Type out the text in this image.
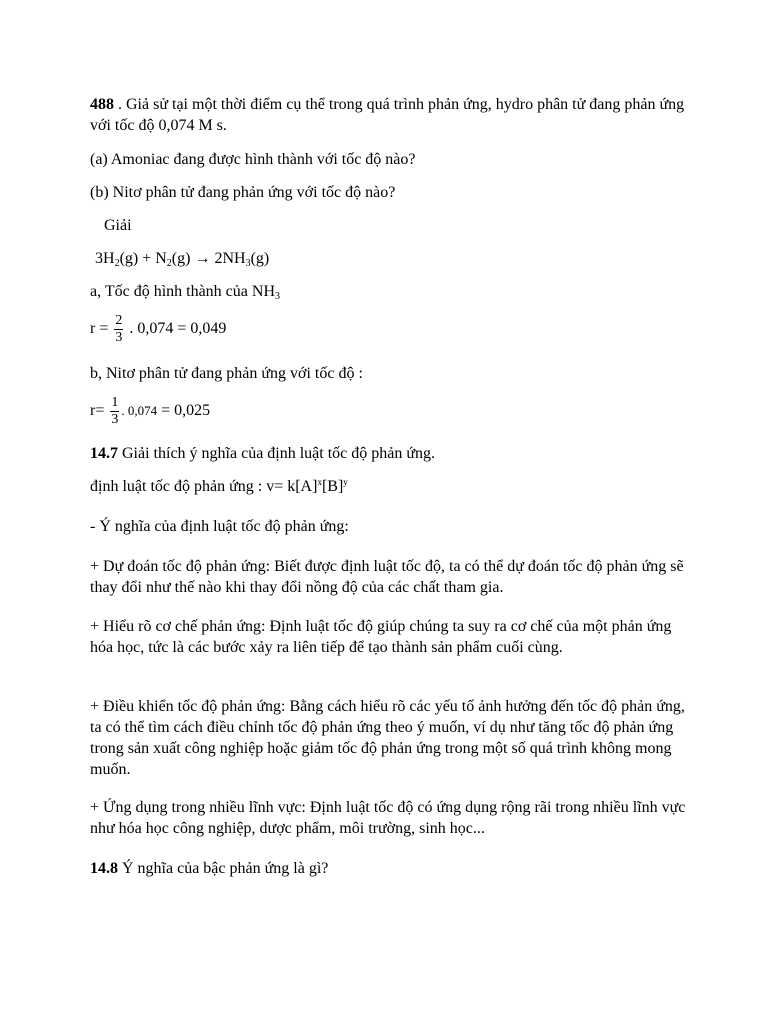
488 . Giả sử tại một thời điểm cụ thể trong quá trình phản ứng, hydro phân tử đang phản ứng với tốc độ 0,074 M s.

(a) Amoniac đang được hình thành với tốc độ nào?

(b) Nitơ phân tử đang phản ứng với tốc độ nào?

Giải

$3H_2(g) + N_2(g) \to 2NH_3(g)$

a, Tốc độ hình thành của $NH_3$

$r = \frac{2}{3}$ . 0,074 = 0,049

b, Nitơ phân tử đang phản ứng với tốc độ :

$r= \frac{1}{3}$ . 0,074 = 0,025

14.7 Giải thích ý nghĩa của định luật tốc độ phản ứng.

định luật tốc độ phản ứng : $v= k[A]^x[B]^y$

- Ý nghĩa của định luật tốc độ phản ứng:

+ Dự đoán tốc độ phản ứng: Biết được định luật tốc độ, ta có thể dự đoán tốc độ phản ứng sẽ thay đổi như thế nào khi thay đổi nồng độ của các chất tham gia.

+ Hiểu rõ cơ chế phản ứng: Định luật tốc độ giúp chúng ta suy ra cơ chế của một phản ứng hóa học, tức là các bước xảy ra liên tiếp để tạo thành sản phẩm cuối cùng.

+ Điều khiển tốc độ phản ứng: Bằng cách hiểu rõ các yếu tố ảnh hưởng đến tốc độ phản ứng, ta có thể tìm cách điều chỉnh tốc độ phản ứng theo ý muốn, ví dụ như tăng tốc độ phản ứng trong sản xuất công nghiệp hoặc giảm tốc độ phản ứng trong một số quá trình không mong muốn.

+ Ứng dụng trong nhiều lĩnh vực: Định luật tốc độ có ứng dụng rộng rãi trong nhiều lĩnh vực như hóa học công nghiệp, dược phẩm, môi trường, sinh học...

14.8 Ý nghĩa của bậc phản ứng là gì?
